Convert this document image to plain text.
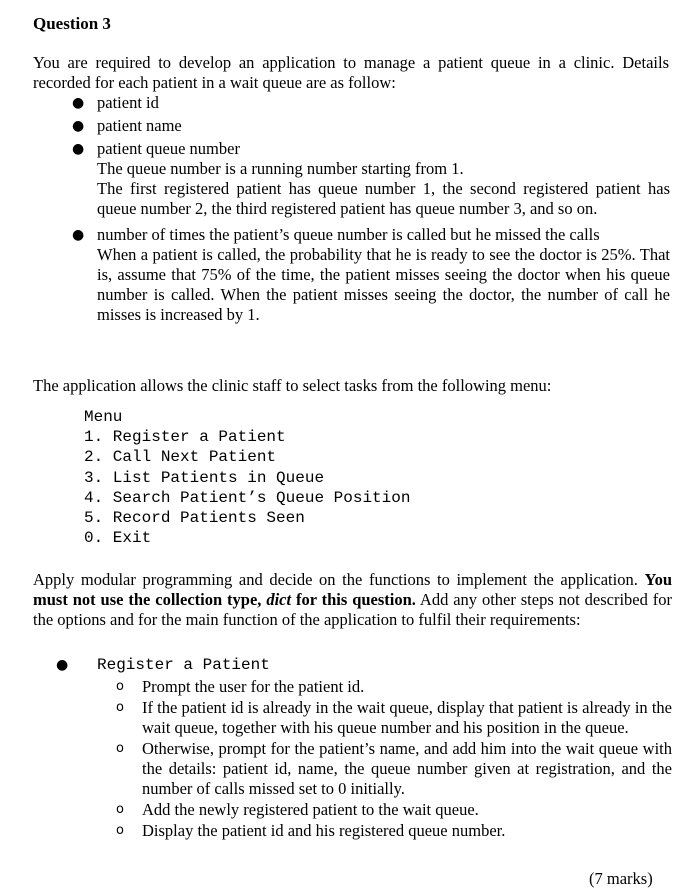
Question 3

You are required to develop an application to manage a patient queue in a clinic. Details recorded for each patient in a wait queue are as follow:

● patient id
● patient name
● patient queue number
The queue number is a running number starting from 1.
The first registered patient has queue number 1, the second registered patient has queue number 2, the third registered patient has queue number 3, and so on.
● number of times the patient’s queue number is called but he missed the calls
When a patient is called, the probability that he is ready to see the doctor is 25%. That is, assume that 75% of the time, the patient misses seeing the doctor when his queue number is called. When the patient misses seeing the doctor, the number of call he misses is increased by 1.
The application allows the clinic staff to select tasks from the following menu:
Menu
1. Register a Patient
2. Call Next Patient
3. List Patients in Queue
4. Search Patient’s Queue Position
5. Record Patients Seen
0. Exit
Apply modular programming and decide on the functions to implement the application. You must not use the collection type, dict for this question. Add any other steps not described for the options and for the main function of the application to fulfil their requirements:
● Register a Patient
o Prompt the user for the patient id.
o If the patient id is already in the wait queue, display that patient is already in the wait queue, together with his queue number and his position in the queue.
o Otherwise, prompt for the patient’s name, and add him into the wait queue with the details: patient id, name, the queue number given at registration, and the number of calls missed set to 0 initially.
o Add the newly registered patient to the wait queue.
o Display the patient id and his registered queue number.
(7 marks)
